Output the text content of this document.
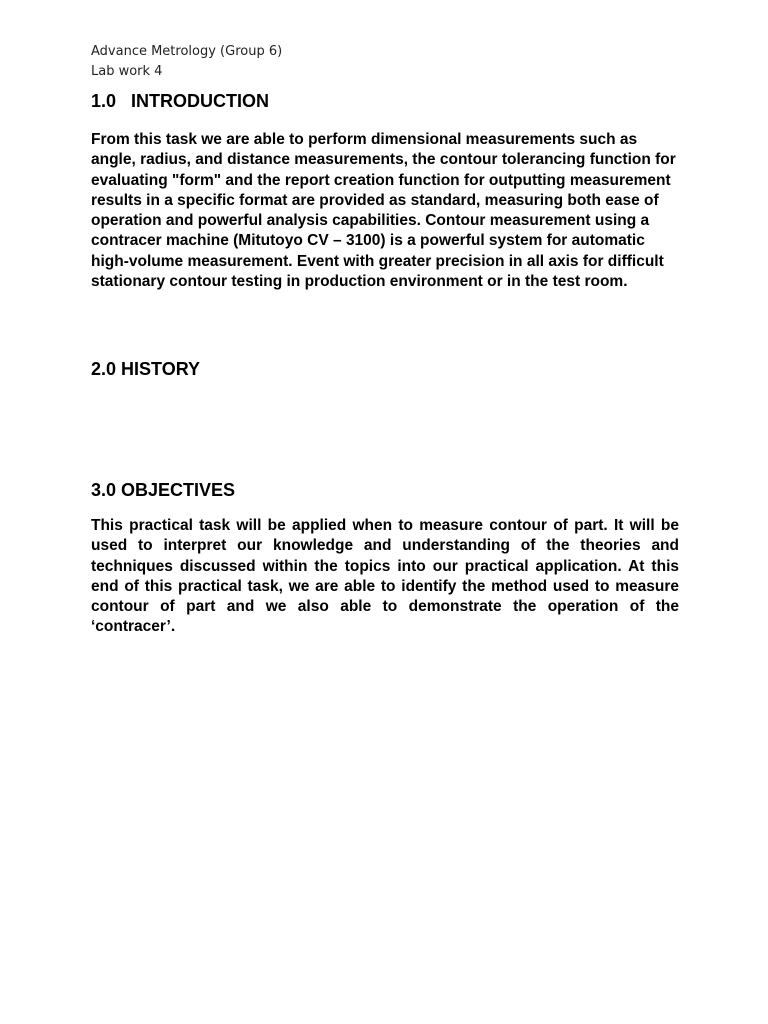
Advance Metrology (Group 6)
Lab work 4
1.0   INTRODUCTION

From this task we are able to perform dimensional measurements such as angle, radius, and distance measurements, the contour tolerancing function for evaluating "form" and the report creation function for outputting measurement results in a specific format are provided as standard, measuring both ease of operation and powerful analysis capabilities. Contour measurement using a contracer machine (Mitutoyo CV – 3100) is a powerful system for automatic high-volume measurement. Event with greater precision in all axis for difficult stationary contour testing in production environment or in the test room.

2.0 HISTORY
3.0 OBJECTIVES

This practical task will be applied when to measure contour of part. It will be used to interpret our knowledge and understanding of the theories and techniques discussed within the topics into our practical application. At this end of this practical task, we are able to identify the method used to measure contour of part and we also able to demonstrate the operation of the ‘contracer’.
